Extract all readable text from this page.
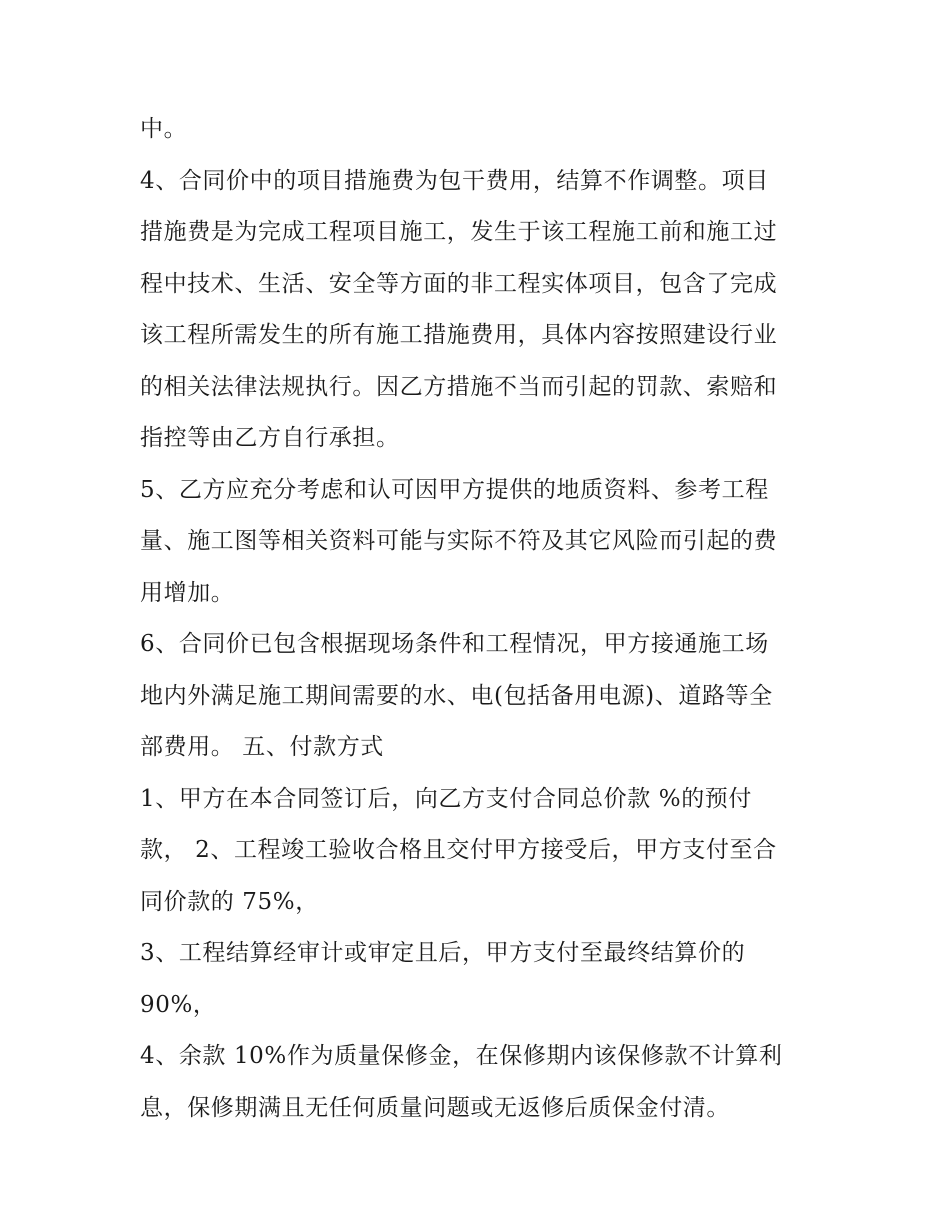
中。
4、合同价中的项目措施费为包干费用，结算不作调整。项目
措施费是为完成工程项目施工，发生于该工程施工前和施工过
程中技术、生活、安全等方面的非工程实体项目，包含了完成
该工程所需发生的所有施工措施费用，具体内容按照建设行业
的相关法律法规执行。因乙方措施不当而引起的罚款、索赔和
指控等由乙方自行承担。
5、乙方应充分考虑和认可因甲方提供的地质资料、参考工程
量、施工图等相关资料可能与实际不符及其它风险而引起的费
用增加。
6、合同价已包含根据现场条件和工程情况，甲方接通施工场
地内外满足施工期间需要的水、电(包括备用电源)、道路等全
部费用。 五、付款方式
1、甲方在本合同签订后，向乙方支付合同总价款 %的预付
款， 2、工程竣工验收合格且交付甲方接受后，甲方支付至合
同价款的 75%，
3、工程结算经审计或审定且后，甲方支付至最终结算价的
90%，
4、余款 10%作为质量保修金，在保修期内该保修款不计算利
息，保修期满且无任何质量问题或无返修后质保金付清。
